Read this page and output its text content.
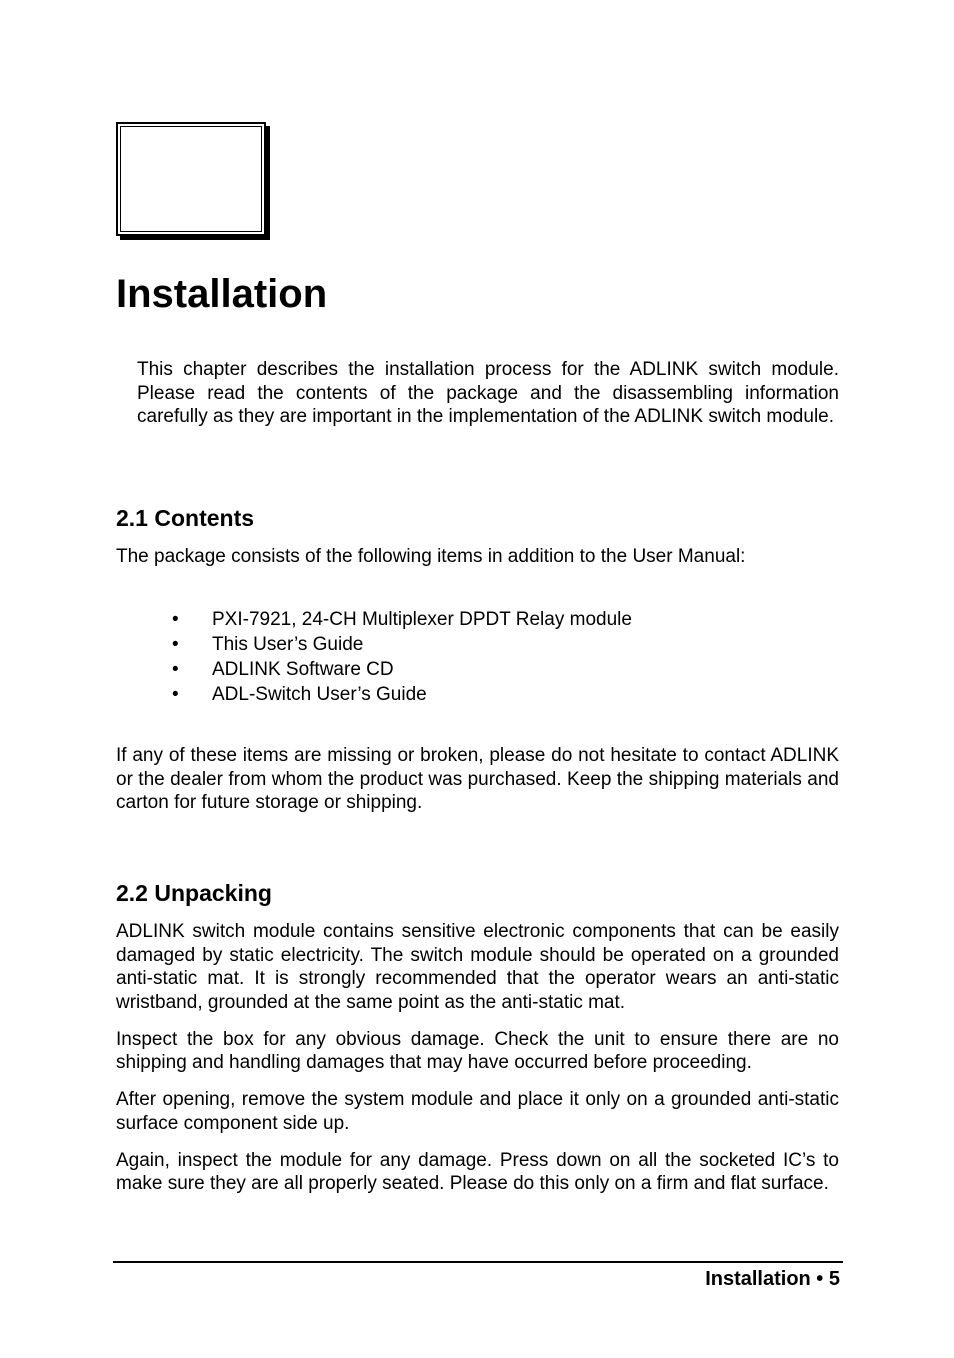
Installation

This chapter describes the installation process for the ADLINK switch module. Please read the contents of the package and the disassembling information carefully as they are important in the implementation of the ADLINK switch module.

2.1 Contents

The package consists of the following items in addition to the User Manual:

• PXI-7921, 24-CH Multiplexer DPDT Relay module
• This User’s Guide
• ADLINK Software CD
• ADL-Switch User’s Guide

If any of these items are missing or broken, please do not hesitate to contact ADLINK or the dealer from whom the product was purchased. Keep the shipping materials and carton for future storage or shipping.

2.2 Unpacking

ADLINK switch module contains sensitive electronic components that can be easily damaged by static electricity. The switch module should be operated on a grounded anti-static mat. It is strongly recommended that the operator wears an anti-static wristband, grounded at the same point as the anti-static mat.

Inspect the box for any obvious damage. Check the unit to ensure there are no shipping and handling damages that may have occurred before proceeding.

After opening, remove the system module and place it only on a grounded anti-static surface component side up.

Again, inspect the module for any damage. Press down on all the socketed IC’s to make sure they are all properly seated. Please do this only on a firm and flat surface.

Installation • 5
